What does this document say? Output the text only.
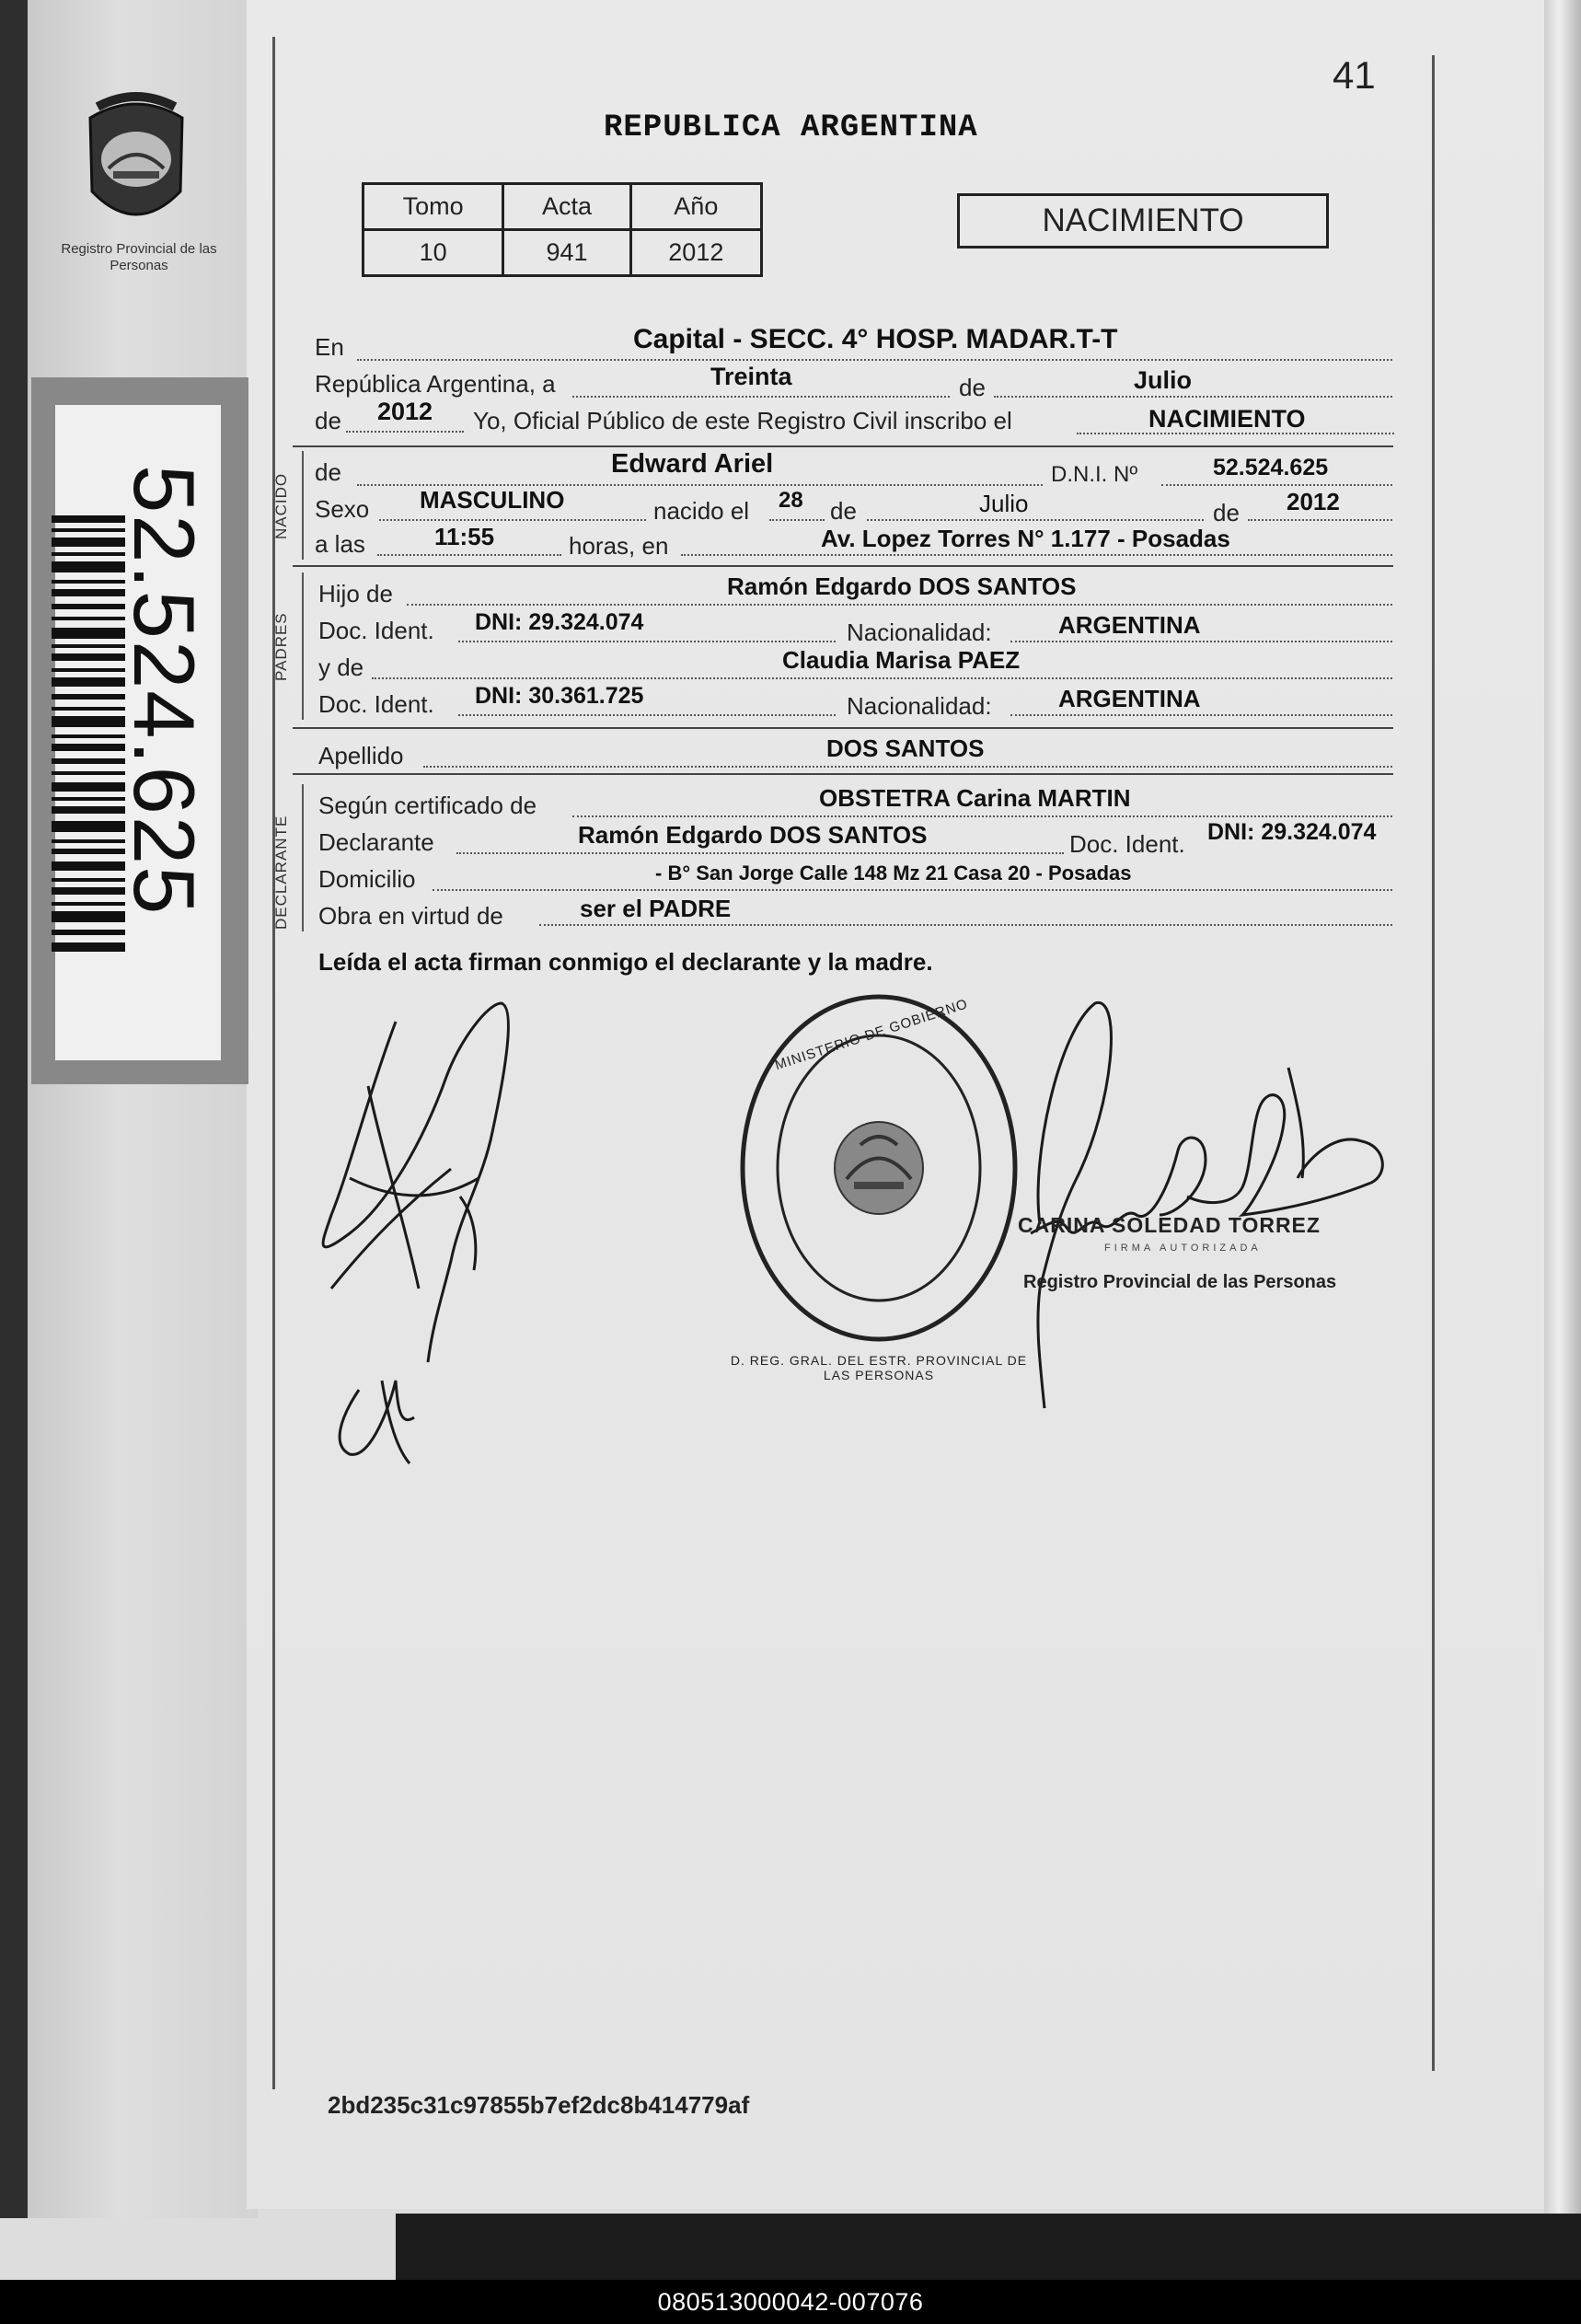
Registro Provincial de las Personas
52.524.625
41
REPUBLICA ARGENTINA
Tomo	Acta	Año
10	941	2012
NACIMIENTO
En	Capital - SECC. 4° HOSP. MADAR.T-T
República Argentina, a	Treinta	de	Julio
de 2012 Yo, Oficial Público de este Registro Civil inscribo el	NACIMIENTO
NACIDO
de	Edward Ariel	D.N.I. Nº	52.524.625
Sexo MASCULINO	nacido el 28 de	Julio	de 2012
a las	11:55	horas, en	Av. Lopez Torres N° 1.177 - Posadas
PADRES
Hijo de	Ramón Edgardo DOS SANTOS
Doc. Ident. DNI: 29.324.074	Nacionalidad:	ARGENTINA
y de	Claudia Marisa PAEZ
Doc. Ident. DNI: 30.361.725	Nacionalidad:	ARGENTINA
Apellido	DOS SANTOS
DECLARANTE
Según certificado de	OBSTETRA Carina MARTIN
Declarante	Ramón Edgardo DOS SANTOS	Doc. Ident. DNI: 29.324.074
Domicilio	- B° San Jorge Calle 148 Mz 21 Casa 20 - Posadas
Obra en virtud de	ser el PADRE
Leída el acta firman conmigo el declarante y la madre.
MINISTERIO DE GOBIERNO
D. REG. GRAL. DEL ESTR. PROVINCIAL DE LAS PERSONAS
CARINA SOLEDAD TORREZ
FIRMA AUTORIZADA
Registro Provincial de las Personas
2bd235c31c97855b7ef2dc8b414779af
080513000042-007076
